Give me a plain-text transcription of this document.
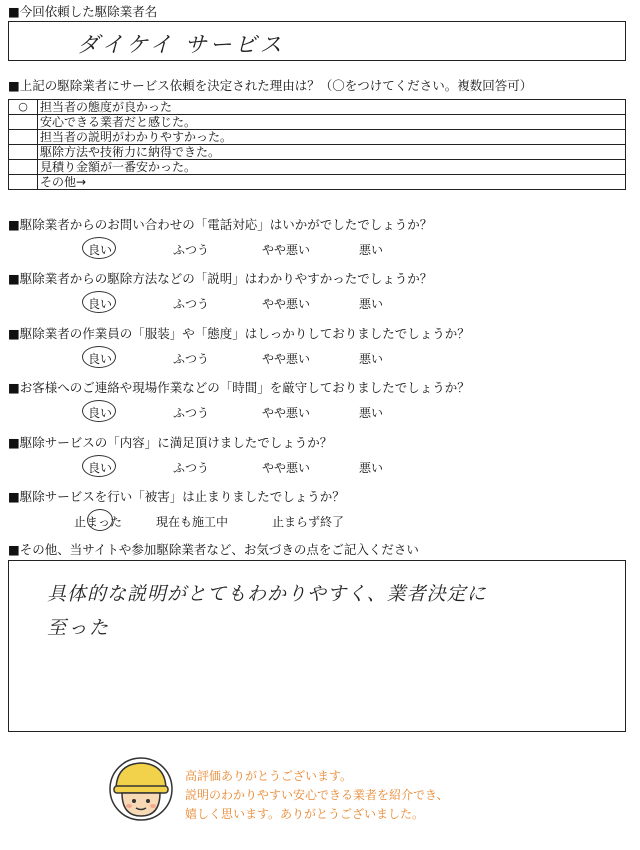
■今回依頼した駆除業者名
ダイケイ サービス
■上記の駆除業者にサービス依頼を決定された理由は？（〇をつけてください。複数回答可）
○	担当者の態度が良かった
	安心できる業者だと感じた。
	担当者の説明がわかりやすかった。
	駆除方法や技術力に納得できた。
	見積り金額が一番安かった。
	その他→
■駆除業者からのお問い合わせの「電話対応」はいかがでしたでしょうか？
良い	ふつう	やや悪い	悪い
■駆除業者からの駆除方法などの「説明」はわかりやすかったでしょうか？
良い	ふつう	やや悪い	悪い
■駆除業者の作業員の「服装」や「態度」はしっかりしておりましたでしょうか？
良い	ふつう	やや悪い	悪い
■お客様へのご連絡や現場作業などの「時間」を厳守しておりましたでしょうか？
良い	ふつう	やや悪い	悪い
■駆除サービスの「内容」に満足頂けましたでしょうか？
良い	ふつう	やや悪い	悪い
■駆除サービスを行い「被害」は止まりましたでしょうか？
止まった	現在も施工中	止まらず終了
■その他、当サイトや参加駆除業者など、お気づきの点をご記入ください
具体的な説明がとてもわかりやすく、業者決定に
至った
高評価ありがとうございます。
説明のわかりやすい安心できる業者を紹介でき、
嬉しく思います。ありがとうございました。
